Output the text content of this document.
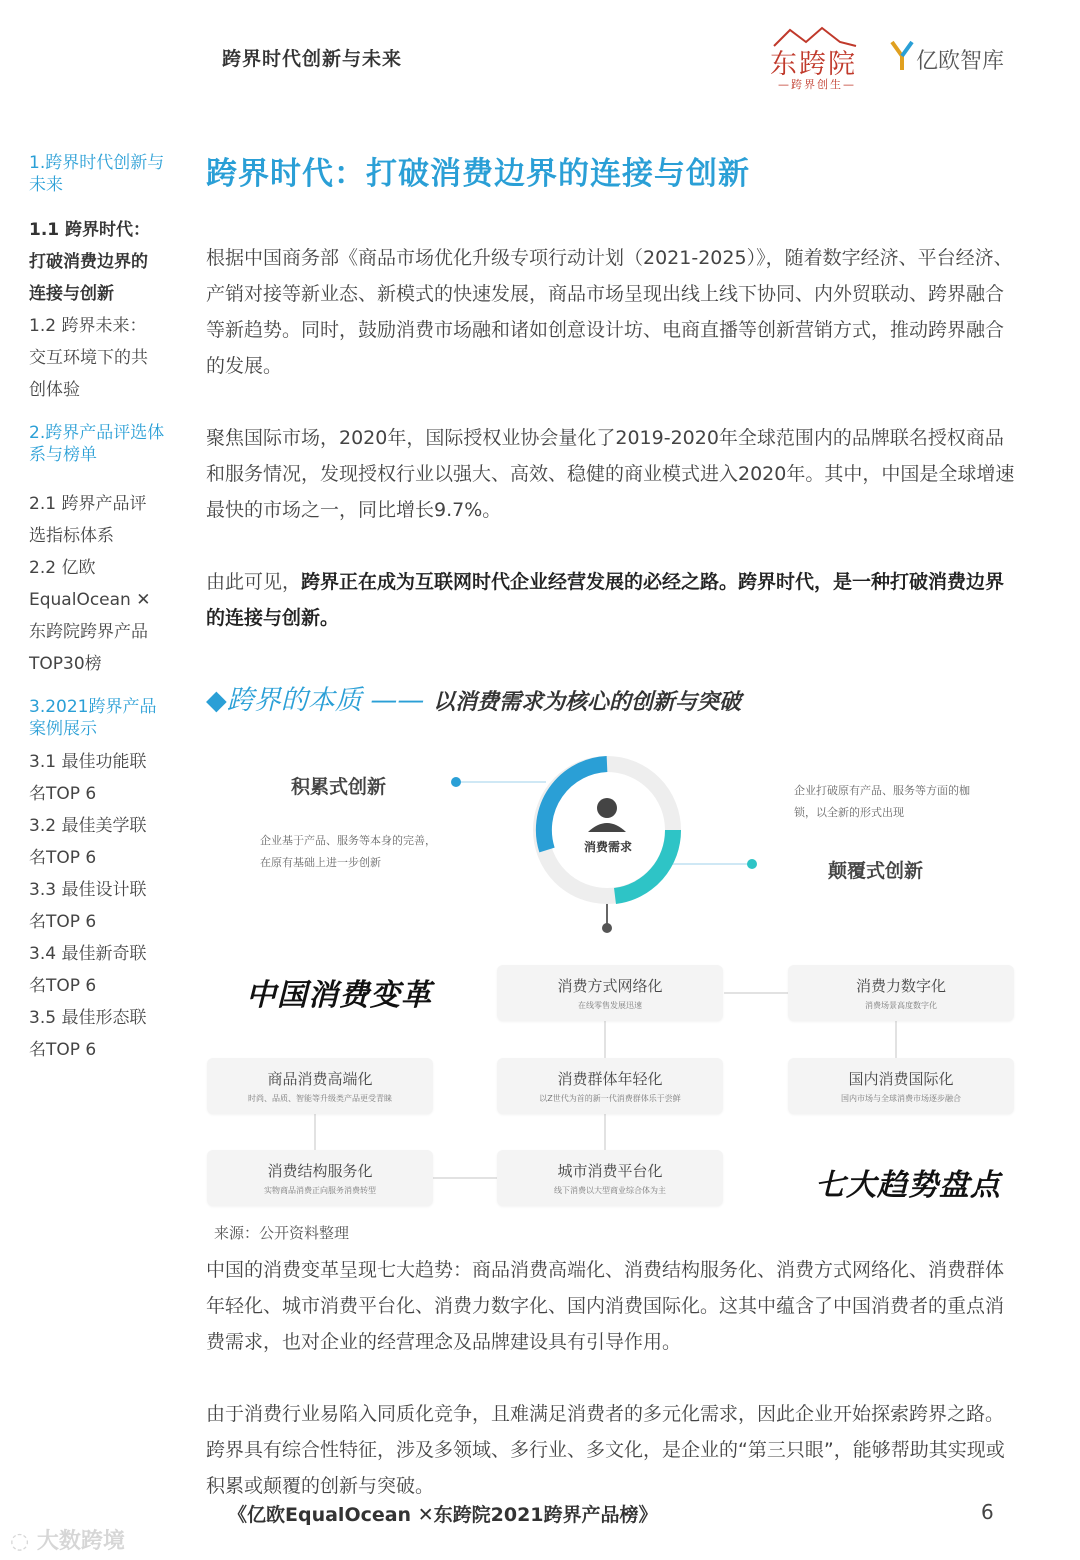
跨界时代创新与未来	东跨院
—跨界创生—
亿欧智库
1.跨界时代创新与未来
1.1 跨界时代：
打破消费边界的
连接与创新
1.2 跨界未来：
交互环境下的共
创体验
2.跨界产品评选体系与榜单
2.1 跨界产品评
选指标体系
2.2 亿欧
EqualOcean ✕
东跨院跨界产品
TOP30榜
3.2021跨界产品案例展示
3.1 最佳功能联
名TOP 6
3.2 最佳美学联
名TOP 6
3.3 最佳设计联
名TOP 6
3.4 最佳新奇联
名TOP 6
3.5 最佳形态联
名TOP 6
跨界时代：打破消费边界的连接与创新
根据中国商务部《商品市场优化升级专项行动计划（2021-2025）》，随着数字经济、平台经济、产销对接等新业态、新模式的快速发展，商品市场呈现出线上线下协同、内外贸联动、跨界融合等新趋势。同时，鼓励消费市场融和诸如创意设计坊、电商直播等创新营销方式，推动跨界融合的发展。
聚焦国际市场，2020年，国际授权业协会量化了2019-2020年全球范围内的品牌联名授权商品和服务情况，发现授权行业以强大、高效、稳健的商业模式进入2020年。其中，中国是全球增速最快的市场之一，同比增长9.7%。
由此可见，跨界正在成为互联网时代企业经营发展的必经之路。跨界时代，是一种打破消费边界的连接与创新。
◆跨界的本质 —— 以消费需求为核心的创新与突破
消费需求
积累式创新
企业基于产品、服务等本身的完善，在原有基础上进一步创新
企业打破原有产品、服务等方面的枷锁，以全新的形式出现
颠覆式创新
中国消费变革	消费方式网络化
在线零售发展迅速
消费力数字化
消费场景高度数字化
商品消费高端化
时尚、品质、智能等升级类产品更受青睐
消费群体年轻化
以Z世代为首的新一代消费群体乐于尝鲜
国内消费国际化
国内市场与全球消费市场逐步融合
消费结构服务化
实物商品消费正向服务消费转型
城市消费平台化
线下消费以大型商业综合体为主	七大趋势盘点
来源：公开资料整理
中国的消费变革呈现七大趋势：商品消费高端化、消费结构服务化、消费方式网络化、消费群体年轻化、城市消费平台化、消费力数字化、国内消费国际化。这其中蕴含了中国消费者的重点消费需求，也对企业的经营理念及品牌建设具有引导作用。
由于消费行业易陷入同质化竞争，且难满足消费者的多元化需求，因此企业开始探索跨界之路。跨界具有综合性特征，涉及多领域、多行业、多文化，是企业的“第三只眼”，能够帮助其实现或积累或颠覆的创新与突破。
《亿欧EqualOcean ✕东跨院2021跨界产品榜》	6
◌ 大数跨境
